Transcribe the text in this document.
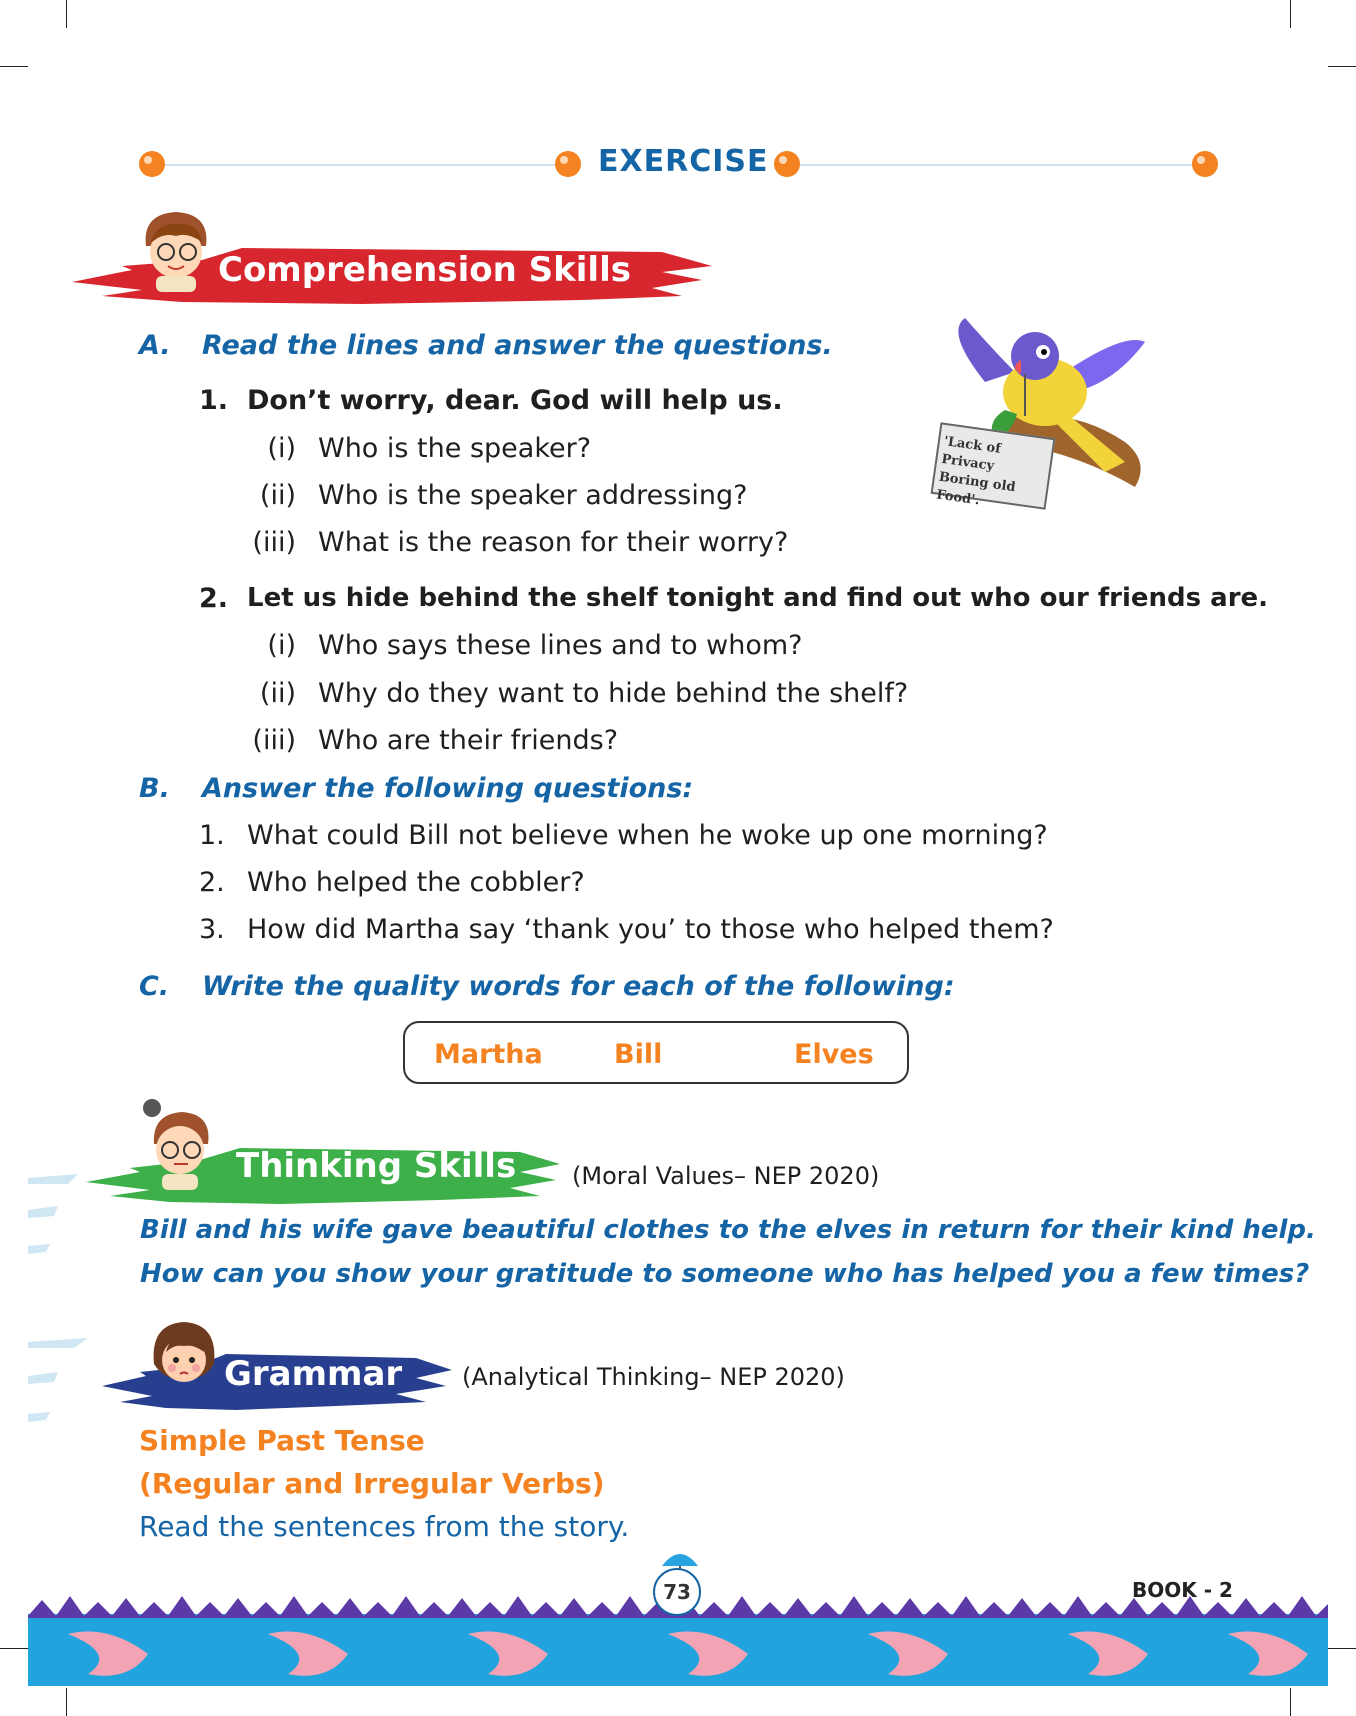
EXERCISE
Comprehension Skills
A. Read the lines and answer the questions.
1. Don’t worry, dear. God will help us.
(i) Who is the speaker?
(ii) Who is the speaker addressing?
(iii) What is the reason for their worry?
'Lack of Privacy
Boring old Food'.
2. Let us hide behind the shelf tonight and find out who our friends are.
(i) Who says these lines and to whom?
(ii) Why do they want to hide behind the shelf?
(iii) Who are their friends?
B. Answer the following questions:
1. What could Bill not believe when he woke up one morning?
2. Who helped the cobbler?
3. How did Martha say ‘thank you’ to those who helped them?
C. Write the quality words for each of the following:
Martha	Bill	Elves
Thinking Skills (Moral Values– NEP 2020)
Bill and his wife gave beautiful clothes to the elves in return for their kind help.
How can you show your gratitude to someone who has helped you a few times?
Grammar (Analytical Thinking– NEP 2020)
Simple Past Tense
(Regular and Irregular Verbs)
Read the sentences from the story.
73	BOOK - 2
